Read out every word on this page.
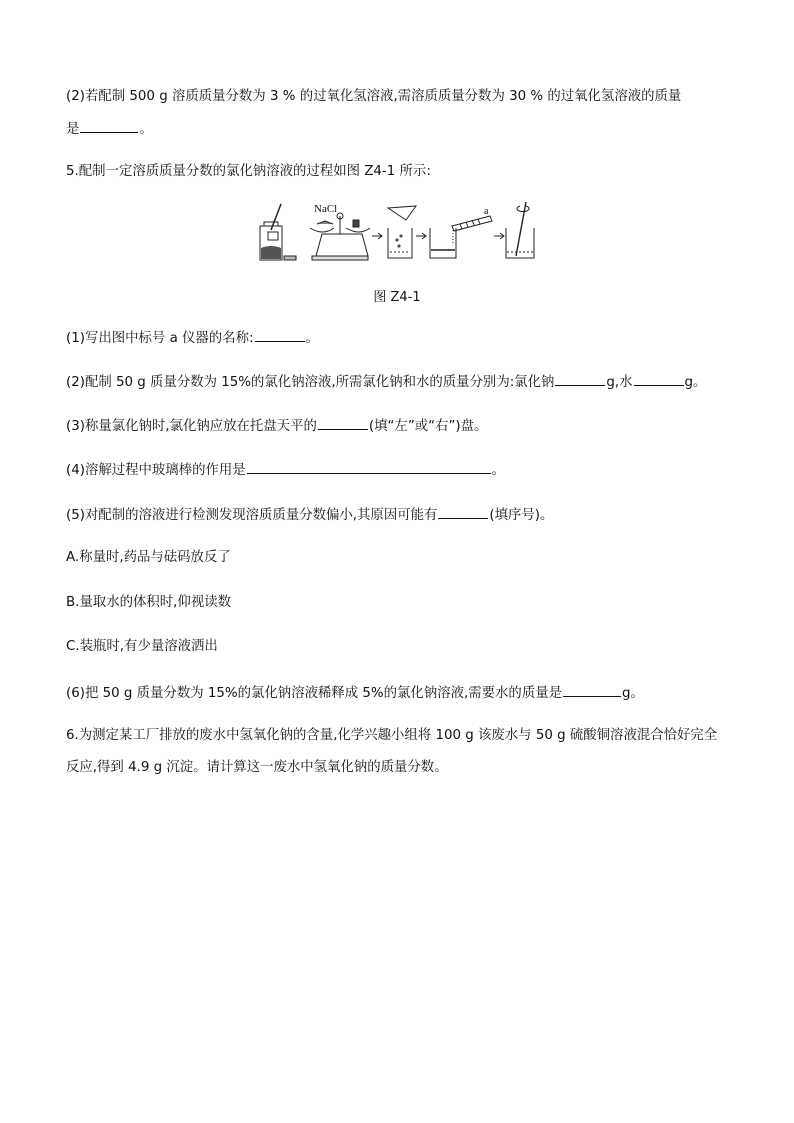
(2)若配制 500 g 溶质质量分数为 3 % 的过氧化氢溶液,需溶质质量分数为 30 % 的过氧化氢溶液的质量
是	。
5.配制一定溶质质量分数的氯化钠溶液的过程如图 Z4-1 所示:
NaCl	a
图 Z4-1
(1)写出图中标号 a 仪器的名称:	。
(2)配制 50 g 质量分数为 15%的氯化钠溶液,所需氯化钠和水的质量分别为:氯化钠	g,水	g。
(3)称量氯化钠时,氯化钠应放在托盘天平的	(填“左”或“右”)盘。
(4)溶解过程中玻璃棒的作用是	。
(5)对配制的溶液进行检测发现溶质质量分数偏小,其原因可能有	(填序号)。
A.称量时,药品与砝码放反了
B.量取水的体积时,仰视读数
C.装瓶时,有少量溶液洒出
(6)把 50 g 质量分数为 15%的氯化钠溶液稀释成 5%的氯化钠溶液,需要水的质量是	g。
6.为测定某工厂排放的废水中氢氧化钠的含量,化学兴趣小组将 100 g 该废水与 50 g 硫酸铜溶液混合恰好完全
反应,得到 4.9 g 沉淀。请计算这一废水中氢氧化钠的质量分数。
